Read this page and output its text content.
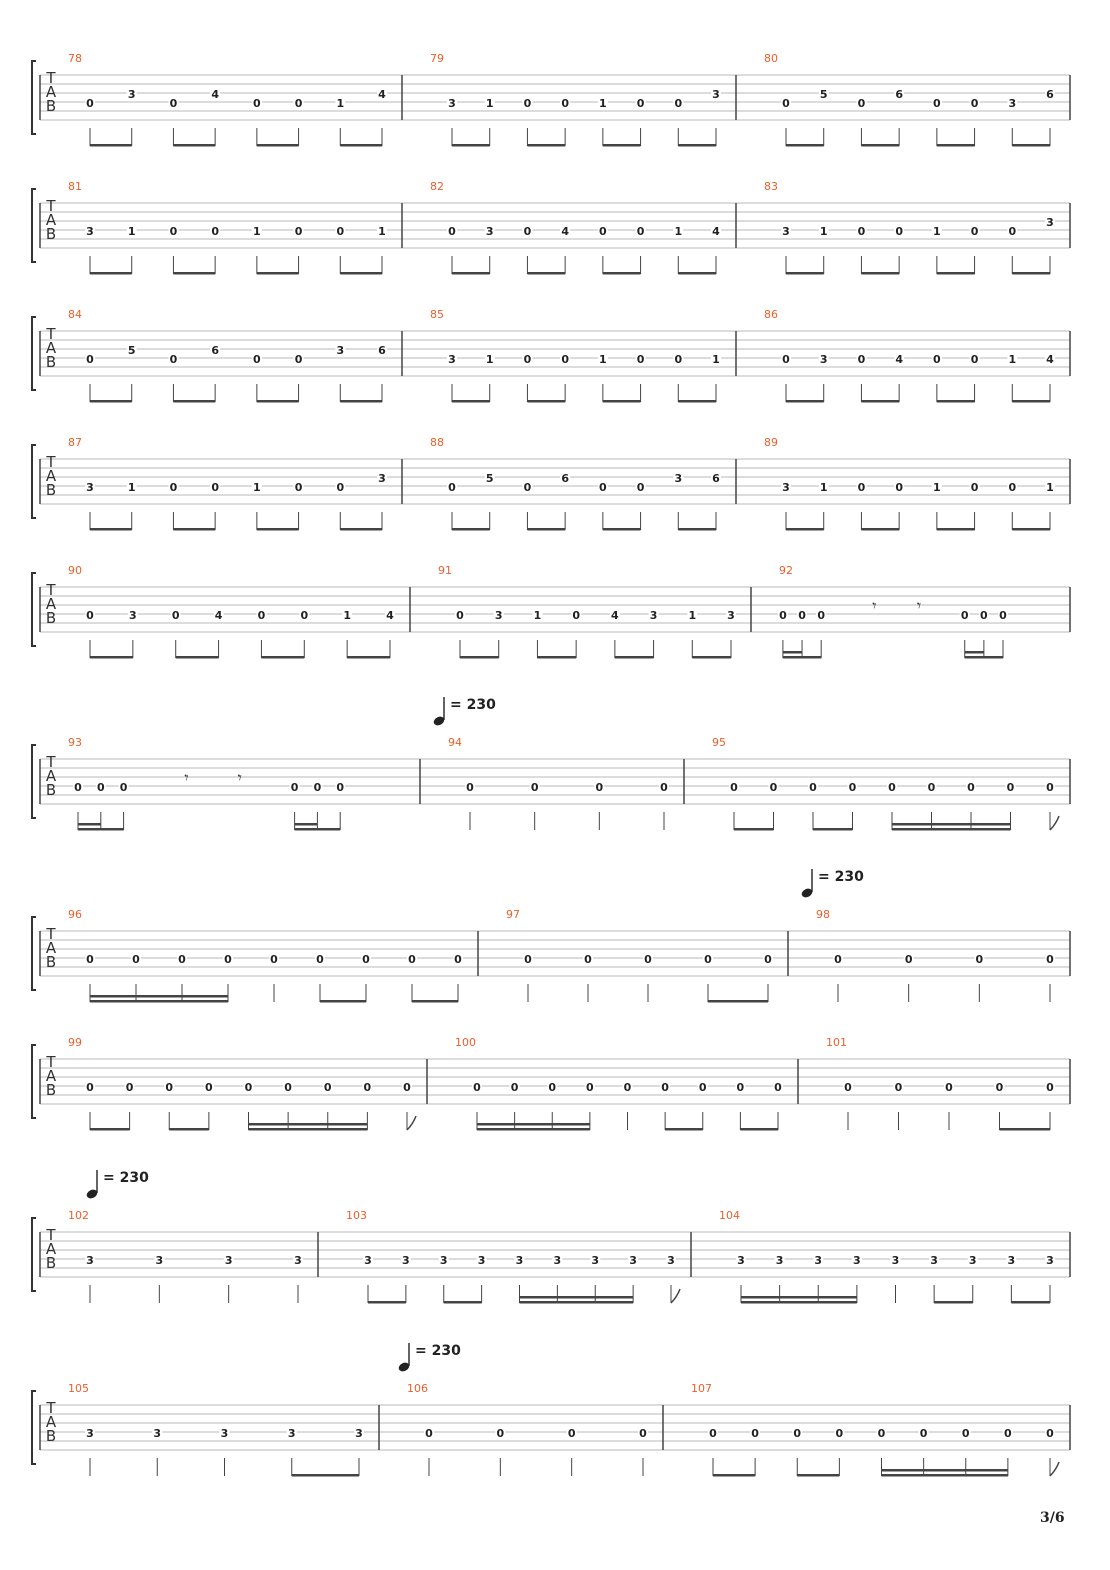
T
A
B
78
0
3
0
4
0	0	1
4
79
3	1	0	0	1	0	0
3
80
0
5
0
6
0	0	3
6
T
A
B
81
3	1	0	0	1	0	0	1
82
0	3	0	4	0	0	1	4
83
3	1	0	0	1	0	0
3
T
A
B
84
0
5
0
6
0	0
3	6
85
3	1	0	0	1	0	0	1
86
0	3	0	4	0	0	1	4
T
A
B
87
3	1	0	0	1	0	0
3
88
0
5
0
6
0	0
3	6
89
3	1	0	0	1	0	0	1
T
A
B
90
0	3	0	4	0	0	1	4
91
0	3	1	0	4	3	1	3
92
0 0 0	0 0 0
𝄾	𝄾
T
A
B
= 230
93
0 0 0	0 0 0
𝄾	𝄾
94
0	0	0	0
95
0	0	0	0	0	0	0	0	0
T
A
B
= 230
96
0	0	0	0	0	0	0	0	0
97
0	0	0	0	0
98
0	0	0	0
T
A
B
99
0	0	0	0	0	0	0	0	0
100
0	0	0	0	0	0	0	0	0
101
0	0	0	0	0
T
A
B
= 230
102
3	3	3	3
103
3	3	3	3	3	3	3	3	3
104
3	3	3	3	3	3	3	3	3
T
A
B
= 230
105
3	3	3	3	3
106
0	0	0	0
107
0	0	0	0	0	0	0	0	0
3/6
